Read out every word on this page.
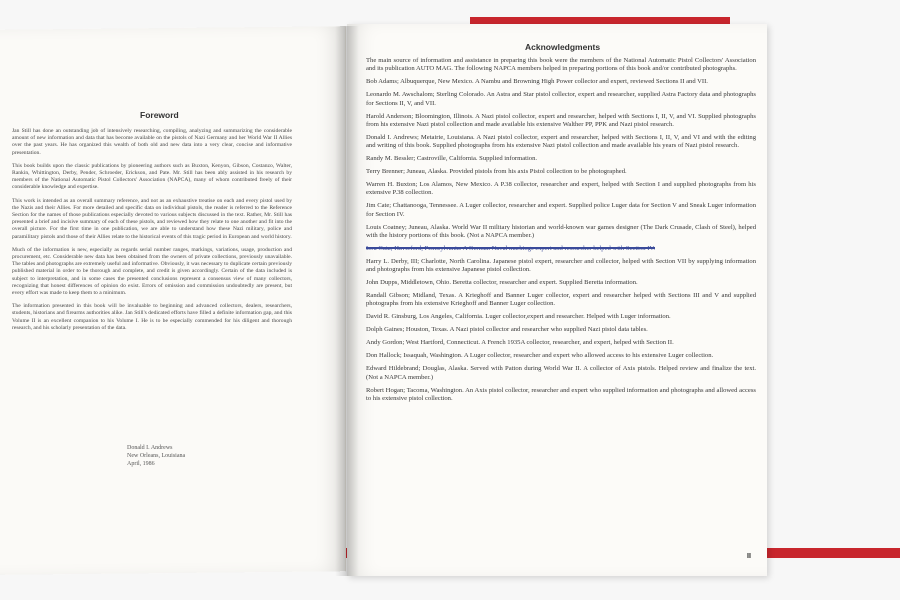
Foreword

Jan Still has done an outstanding job of intensively researching, compiling, analyzing and summarizing the considerable amount of new information and data that has become available on the pistols of Nazi Germany and her World War II Allies over the past years. He has organized this wealth of both old and new data into a very clear, concise and informative presentation.

This book builds upon the classic publications by pioneering authors such as Buxton, Kenyon, Gibson, Costanzo, Walter, Rankin, Whittington, Derby, Pender, Schroeder, Erickson, and Pate. Mr. Still has been ably assisted in his research by members of the National Automatic Pistol Collectors' Association (NAPCA), many of whom contributed freely of their considerable knowledge and expertise.

This work is intended as an overall summary reference, and not as an exhaustive treatise on each and every pistol used by the Nazis and their Allies. For more detailed and specific data on individual pistols, the reader is referred to the Reference Section for the names of those publications especially devoted to various subjects discussed in the text. Rather, Mr. Still has presented a brief and incisive summary of each of these pistols, and reviewed how they relate to one another and fit into the overall picture. For the first time in one publication, we are able to understand how these Nazi military, police and paramilitary pistols and those of their Allies relate to the historical events of this tragic period in European and world history.

Much of the information is new, especially as regards serial number ranges, markings, variations, usage, production and procurement, etc. Considerable new data has been obtained from the owners of private collections, previously unavailable. The tables and photographs are extremely useful and informative. Obviously, it was necessary to duplicate certain previously published material in order to be thorough and complete, and credit is given accordingly. Certain of the data included is subject to interpretation, and in some cases the presented conclusions represent a consensus view of many collectors, recognizing that honest differences of opinion do exist. Errors of omission and commission undoubtedly are present, but every effort was made to keep them to a minimum.

The information presented in this book will be invaluable to beginning and advanced collectors, dealers, researchers, students, historians and firearms authorities alike. Jan Still's dedicated efforts have filled a definite information gap, and this Volume II is an excellent companion to his Volume I. He is to be especially commended for his diligent and thorough research, and his scholarly presentation of the data.

Donald I. Andrews
New Orleans, Louisiana
April, 1986
Acknowledgments

The main source of information and assistance in preparing this book were the members of the National Automatic Pistol Collectors' Association and its publication AUTO MAG. The following NAPCA members helped in preparing portions of this book and/or contributed photographs.

Bob Adams; Albuquerque, New Mexico. A Nambu and Browning High Power collector and expert, reviewed Sections II and VII.

Leonardo M. Awschalom; Sterling Colorado. An Astra and Star pistol collector, expert and researcher, supplied Astra Factory data and photographs for Sections II, V, and VII.

Harold Anderson; Bloomington, Illinois. A Nazi pistol collector, expert and researcher, helped with Sections I, II, V, and VI. Supplied photographs from his extensive Nazi pistol collection and made available his extensive Walther PP, PPK and Nazi pistol research.

Donald I. Andrews; Metairie, Louisiana. A Nazi pistol collector, expert and researcher, helped with Sections I, II, V, and VI and with the editing and writing of this book. Supplied photographs from his extensive Nazi pistol collection and made available his years of Nazi pistol research.

Randy M. Bessler; Castroville, California. Supplied information.

Terry Brenner; Juneau, Alaska. Provided pistols from his axis Pistol collection to be photographed.

Warren H. Buxton; Los Alamos, New Mexico. A P.38 collector, researcher and expert, helped with Section I and supplied photographs from his extensive P.38 collection.

Jim Cate; Chattanooga, Tennessee. A Luger collector, researcher and expert. Supplied police Luger data for Section V and Sneak Luger information for Section IV.

Louis Coatney; Juneau, Alaska. World War II military historian and world-known war games designer (The Dark Crusade, Clash of Steel), helped with the history portions of this book. (Not a NAPCA member.)

Lou Cuta; Haverford, Pennsylvania. A German Naval markings expert and researcher helped with Section IV.

Harry L. Derby, III; Charlotte, North Carolina. Japanese pistol expert, researcher and collector, helped with Section VII by supplying information and photographs from his extensive Japanese pistol collection.

John Dupps, Middletown, Ohio. Beretta collector, researcher and expert. Supplied Beretta information.

Randall Gibson; Midland, Texas. A Krieghoff and Banner Luger collector, expert and researcher helped with Sections III and V and supplied photographs from his extensive Krieghoff and Banner Luger collection.

David R. Ginsburg, Los Angeles, California. Luger collector,expert and researcher. Helped with Luger information.

Dolph Gaines; Houston, Texas. A Nazi pistol collector and researcher who supplied Nazi pistol data tables.

Andy Gordon; West Hartford, Connecticut. A French 1935A collector, researcher, and expert, helped with Section II.

Don Hallock; Issaquah, Washington. A Luger collector, researcher and expert who allowed access to his extensive Luger collection.

Edward Hildebrand; Douglas, Alaska. Served with Patton during World War II. A collector of Axis pistols. Helped review and finalize the text. (Not a NAPCA member.)

Robert Hogan; Tacoma, Washington. An Axis pistol collector, researcher and expert who supplied information and photographs and allowed access to his extensive pistol collection.

II
